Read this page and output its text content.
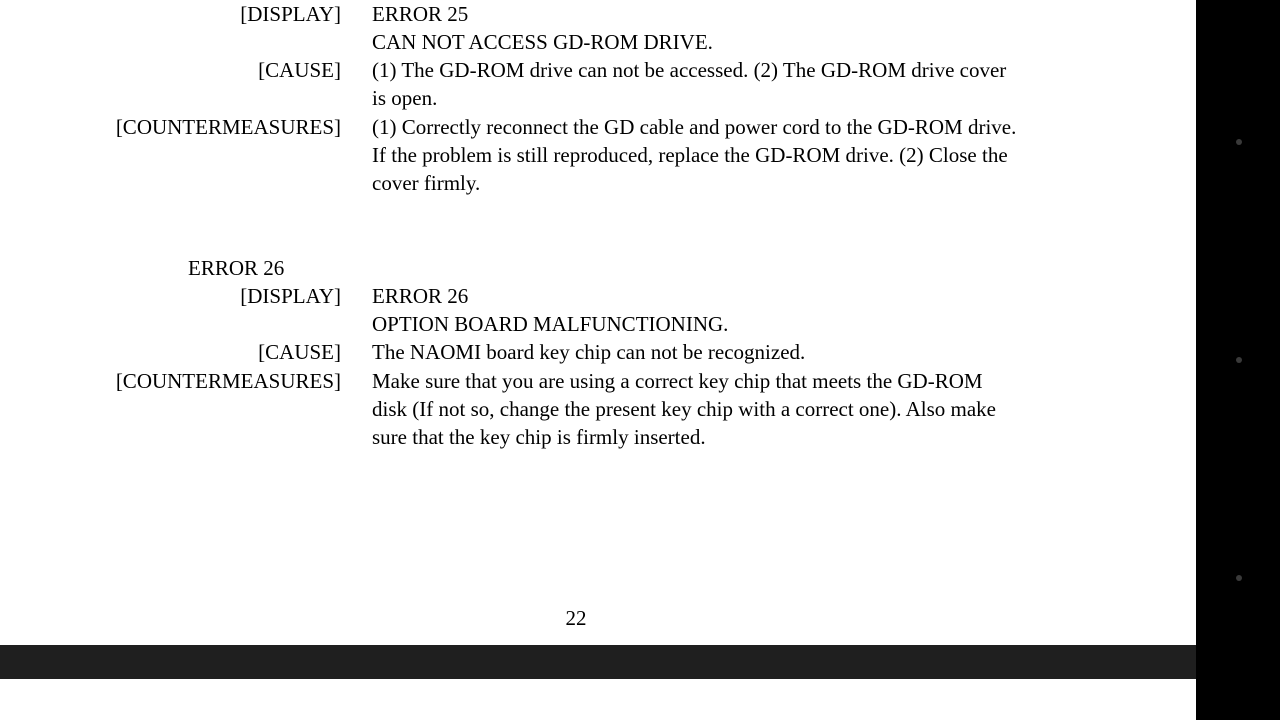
[DISPLAY] ERROR 25
CAN NOT ACCESS GD-ROM DRIVE.
[CAUSE] (1) The GD-ROM drive can not be accessed. (2) The GD-ROM drive cover
is open.
[COUNTERMEASURES] (1) Correctly reconnect the GD cable and power cord to the GD-ROM drive.
If the problem is still reproduced, replace the GD-ROM drive. (2) Close the
cover firmly.
ERROR 26
[DISPLAY] ERROR 26
OPTION BOARD MALFUNCTIONING.
[CAUSE] The NAOMI board key chip can not be recognized.
[COUNTERMEASURES] Make sure that you are using a correct key chip that meets the GD-ROM
disk (If not so, change the present key chip with a correct one). Also make
sure that the key chip is firmly inserted.
22
